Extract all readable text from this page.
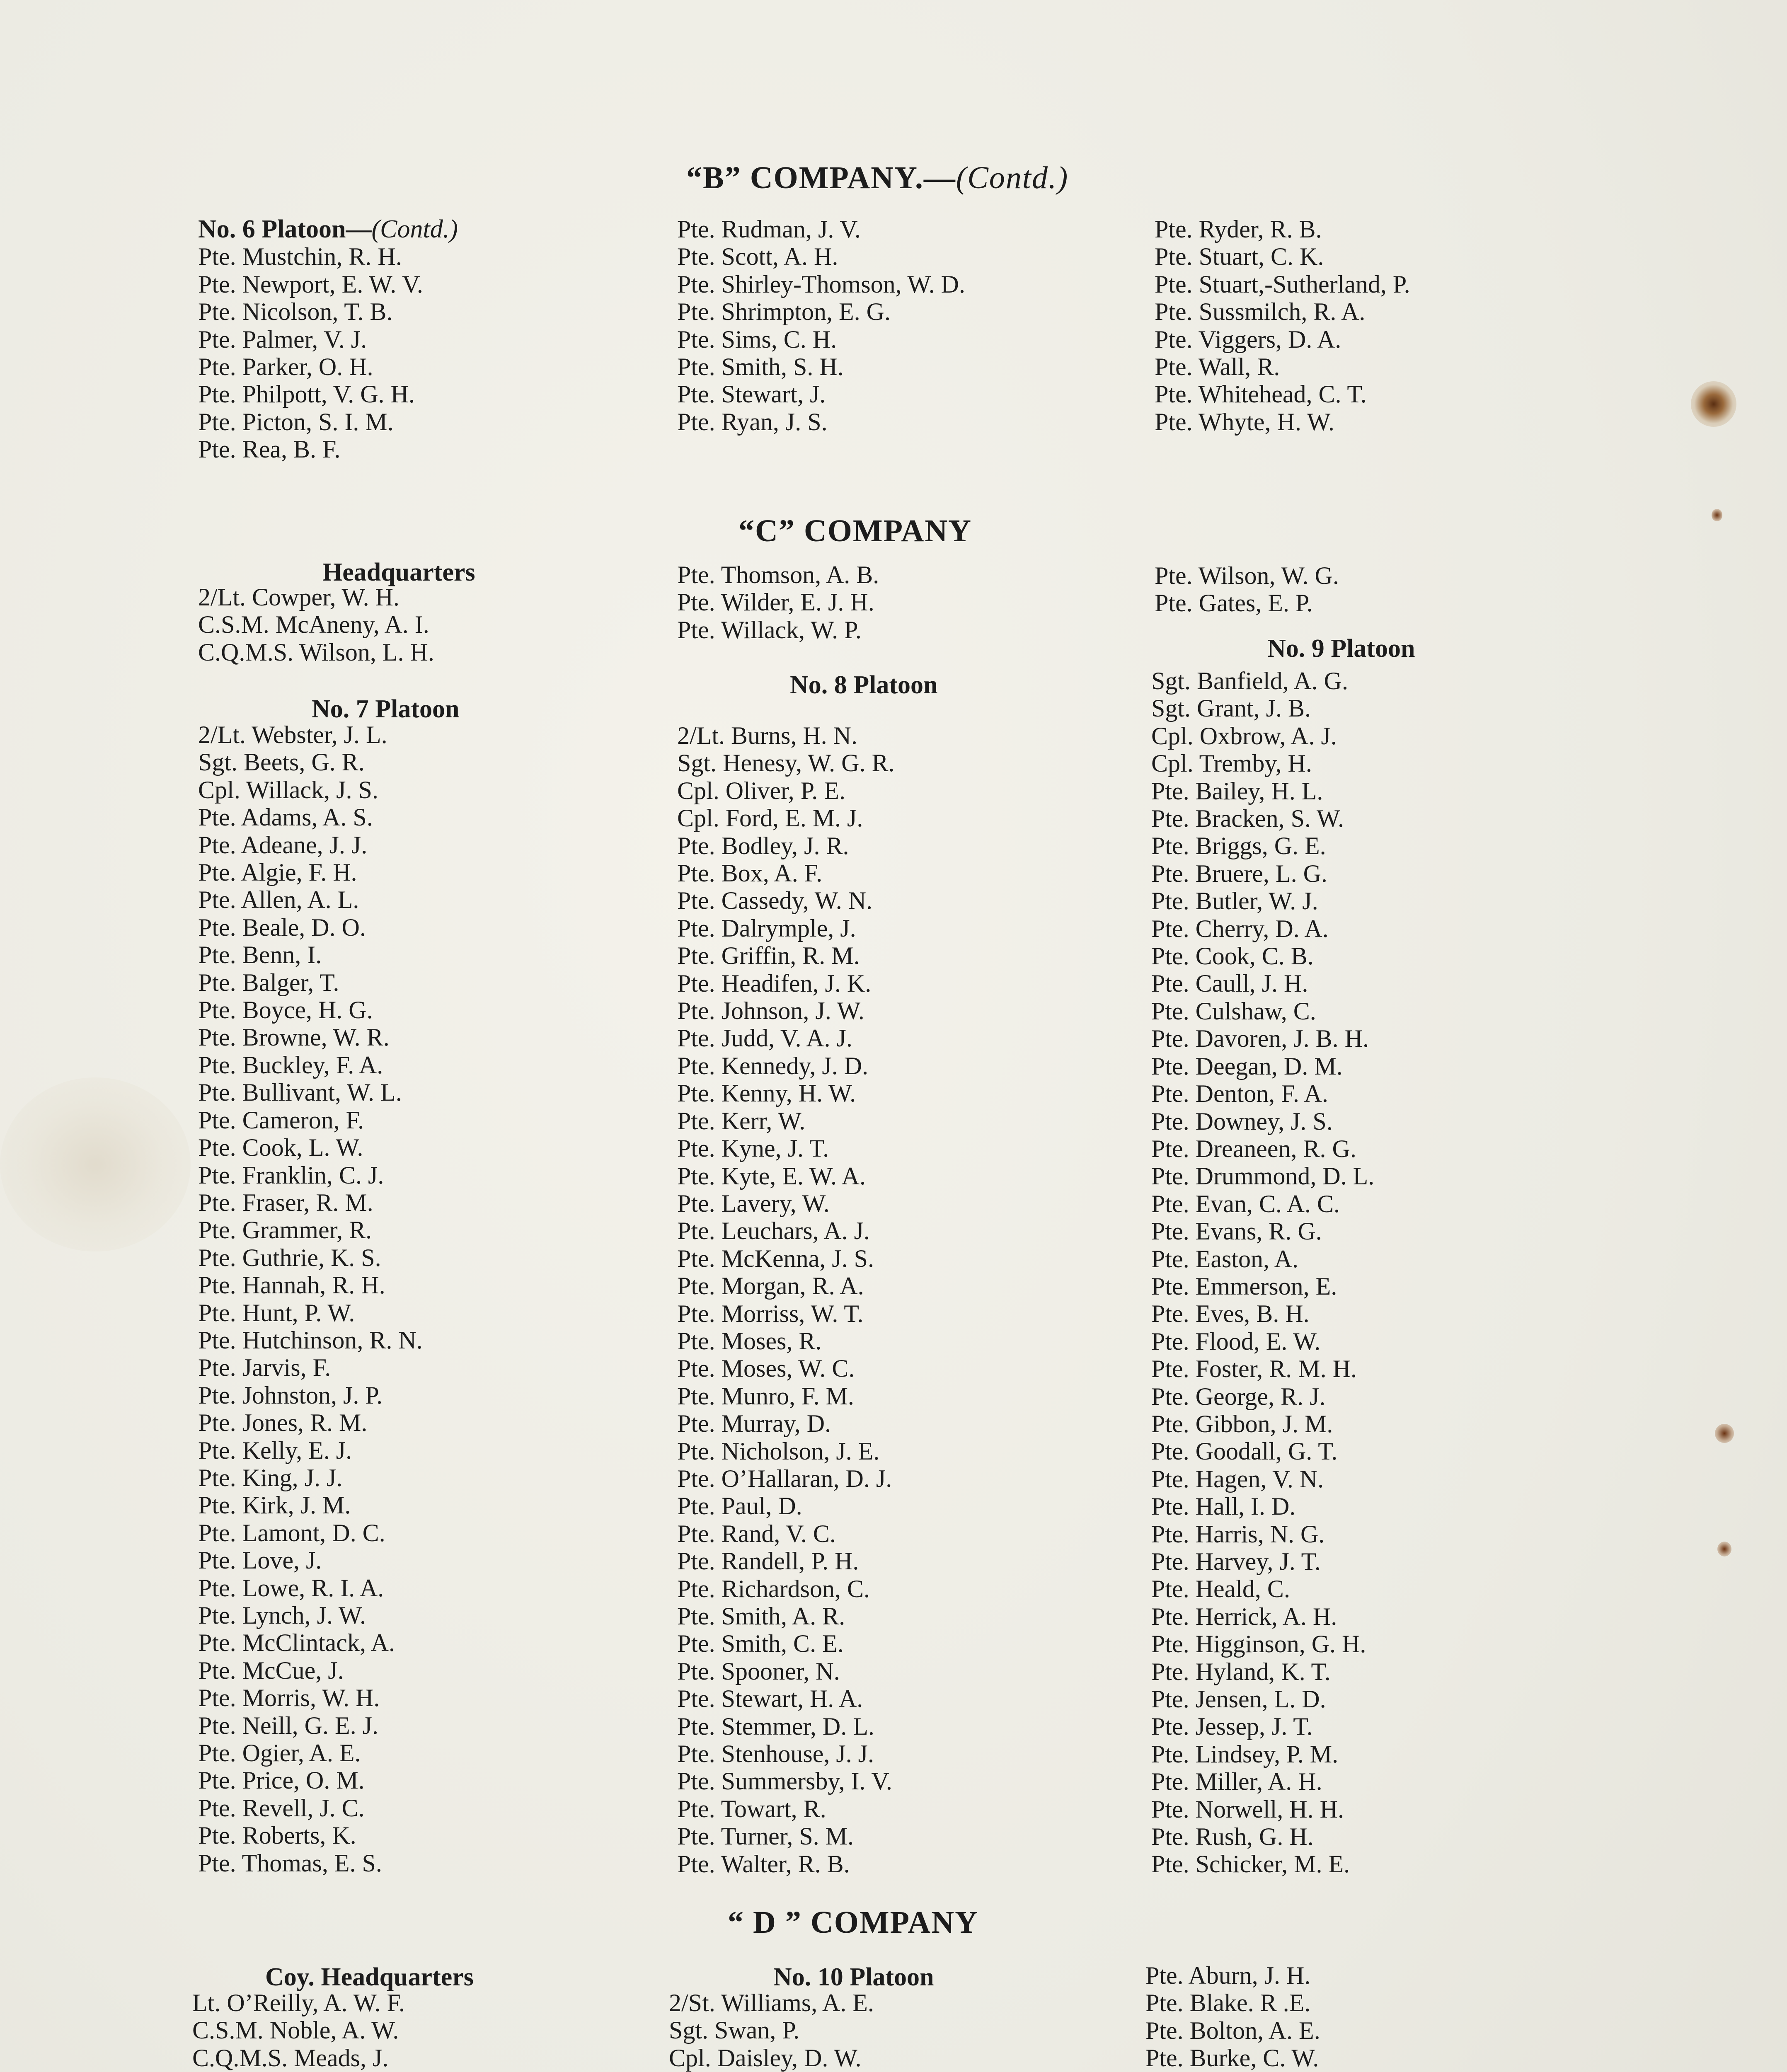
“B” COMPANY.—(Contd.)
No. 6 Platoon—(Contd.)
Pte. Mustchin, R. H.
Pte. Newport, E. W. V.
Pte. Nicolson, T. B.
Pte. Palmer, V. J.
Pte. Parker, O. H.
Pte. Philpott, V. G. H.
Pte. Picton, S. I. M.
Pte. Rea, B. F.
Pte. Rudman, J. V.
Pte. Scott, A. H.
Pte. Shirley-Thomson, W. D.
Pte. Shrimpton, E. G.
Pte. Sims, C. H.
Pte. Smith, S. H.
Pte. Stewart, J.
Pte. Ryan, J. S.
Pte. Ryder, R. B.
Pte. Stuart, C. K.
Pte. Stuart,-Sutherland, P.
Pte. Sussmilch, R. A.
Pte. Viggers, D. A.
Pte. Wall, R.
Pte. Whitehead, C. T.
Pte. Whyte, H. W.
“C” COMPANY
Headquarters
2/Lt. Cowper, W. H.
C.S.M. McAneny, A. I.
C.Q.M.S. Wilson, L. H.
No. 7 Platoon
2/Lt. Webster, J. L.
Sgt. Beets, G. R.
Cpl. Willack, J. S.
Pte. Adams, A. S.
Pte. Adeane, J. J.
Pte. Algie, F. H.
Pte. Allen, A. L.
Pte. Beale, D. O.
Pte. Benn, I.
Pte. Balger, T.
Pte. Boyce, H. G.
Pte. Browne, W. R.
Pte. Buckley, F. A.
Pte. Bullivant, W. L.
Pte. Cameron, F.
Pte. Cook, L. W.
Pte. Franklin, C. J.
Pte. Fraser, R. M.
Pte. Grammer, R.
Pte. Guthrie, K. S.
Pte. Hannah, R. H.
Pte. Hunt, P. W.
Pte. Hutchinson, R. N.
Pte. Jarvis, F.
Pte. Johnston, J. P.
Pte. Jones, R. M.
Pte. Kelly, E. J.
Pte. King, J. J.
Pte. Kirk, J. M.
Pte. Lamont, D. C.
Pte. Love, J.
Pte. Lowe, R. I. A.
Pte. Lynch, J. W.
Pte. McClintack, A.
Pte. McCue, J.
Pte. Morris, W. H.
Pte. Neill, G. E. J.
Pte. Ogier, A. E.
Pte. Price, O. M.
Pte. Revell, J. C.
Pte. Roberts, K.
Pte. Thomas, E. S.
Pte. Thomson, A. B.
Pte. Wilder, E. J. H.
Pte. Willack, W. P.
No. 8 Platoon
2/Lt. Burns, H. N.
Sgt. Henesy, W. G. R.
Cpl. Oliver, P. E.
Cpl. Ford, E. M. J.
Pte. Bodley, J. R.
Pte. Box, A. F.
Pte. Cassedy, W. N.
Pte. Dalrymple, J.
Pte. Griffin, R. M.
Pte. Headifen, J. K.
Pte. Johnson, J. W.
Pte. Judd, V. A. J.
Pte. Kennedy, J. D.
Pte. Kenny, H. W.
Pte. Kerr, W.
Pte. Kyne, J. T.
Pte. Kyte, E. W. A.
Pte. Lavery, W.
Pte. Leuchars, A. J.
Pte. McKenna, J. S.
Pte. Morgan, R. A.
Pte. Morriss, W. T.
Pte. Moses, R.
Pte. Moses, W. C.
Pte. Munro, F. M.
Pte. Murray, D.
Pte. Nicholson, J. E.
Pte. O’Hallaran, D. J.
Pte. Paul, D.
Pte. Rand, V. C.
Pte. Randell, P. H.
Pte. Richardson, C.
Pte. Smith, A. R.
Pte. Smith, C. E.
Pte. Spooner, N.
Pte. Stewart, H. A.
Pte. Stemmer, D. L.
Pte. Stenhouse, J. J.
Pte. Summersby, I. V.
Pte. Towart, R.
Pte. Turner, S. M.
Pte. Walter, R. B.
Pte. Wilson, W. G.
Pte. Gates, E. P.
No. 9 Platoon
Sgt. Banfield, A. G.
Sgt. Grant, J. B.
Cpl. Oxbrow, A. J.
Cpl. Tremby, H.
Pte. Bailey, H. L.
Pte. Bracken, S. W.
Pte. Briggs, G. E.
Pte. Bruere, L. G.
Pte. Butler, W. J.
Pte. Cherry, D. A.
Pte. Cook, C. B.
Pte. Caull, J. H.
Pte. Culshaw, C.
Pte. Davoren, J. B. H.
Pte. Deegan, D. M.
Pte. Denton, F. A.
Pte. Downey, J. S.
Pte. Dreaneen, R. G.
Pte. Drummond, D. L.
Pte. Evan, C. A. C.
Pte. Evans, R. G.
Pte. Easton, A.
Pte. Emmerson, E.
Pte. Eves, B. H.
Pte. Flood, E. W.
Pte. Foster, R. M. H.
Pte. George, R. J.
Pte. Gibbon, J. M.
Pte. Goodall, G. T.
Pte. Hagen, V. N.
Pte. Hall, I. D.
Pte. Harris, N. G.
Pte. Harvey, J. T.
Pte. Heald, C.
Pte. Herrick, A. H.
Pte. Higginson, G. H.
Pte. Hyland, K. T.
Pte. Jensen, L. D.
Pte. Jessep, J. T.
Pte. Lindsey, P. M.
Pte. Miller, A. H.
Pte. Norwell, H. H.
Pte. Rush, G. H.
Pte. Schicker, M. E.
“ D ” COMPANY
Coy. Headquarters
Lt. O’Reilly, A. W. F.
C.S.M. Noble, A. W.
C.Q.M.S. Meads, J.
No. 10 Platoon
2/St. Williams, A. E.
Sgt. Swan, P.
Cpl. Daisley, D. W.
Pte. Aburn, J. H.
Pte. Blake. R .E.
Pte. Bolton, A. E.
Pte. Burke, C. W.
